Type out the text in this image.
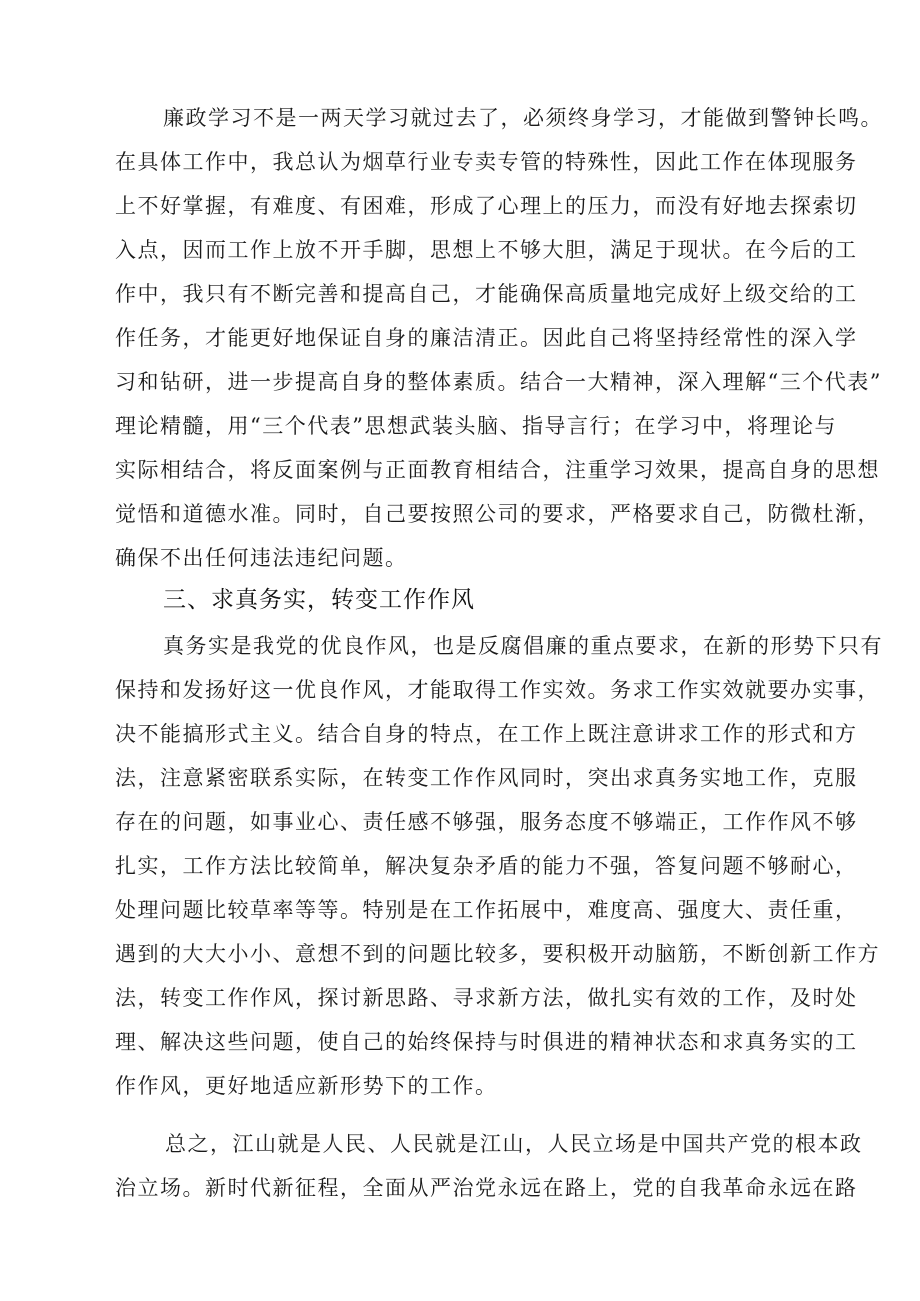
廉政学习不是一两天学习就过去了，必须终身学习，才能做到警钟长鸣。
在具体工作中，我总认为烟草行业专卖专管的特殊性，因此工作在体现服务
上不好掌握，有难度、有困难，形成了心理上的压力，而没有好地去探索切
入点，因而工作上放不开手脚，思想上不够大胆，满足于现状。在今后的工
作中，我只有不断完善和提高自己，才能确保高质量地完成好上级交给的工
作任务，才能更好地保证自身的廉洁清正。因此自己将坚持经常性的深入学
习和钻研，进一步提高自身的整体素质。结合一大精神，深入理解“三个代表”
理论精髓，用“三个代表”思想武装头脑、指导言行；在学习中，将理论与
实际相结合，将反面案例与正面教育相结合，注重学习效果，提高自身的思想
觉悟和道德水准。同时，自己要按照公司的要求，严格要求自己，防微杜渐，
确保不出任何违法违纪问题。
三、求真务实，转变工作作风
真务实是我党的优良作风，也是反腐倡廉的重点要求，在新的形势下只有
保持和发扬好这一优良作风，才能取得工作实效。务求工作实效就要办实事，
决不能搞形式主义。结合自身的特点，在工作上既注意讲求工作的形式和方
法，注意紧密联系实际，在转变工作作风同时，突出求真务实地工作，克服
存在的问题，如事业心、责任感不够强，服务态度不够端正，工作作风不够
扎实，工作方法比较简单，解决复杂矛盾的能力不强，答复问题不够耐心，
处理问题比较草率等等。特别是在工作拓展中，难度高、强度大、责任重，
遇到的大大小小、意想不到的问题比较多，要积极开动脑筋，不断创新工作方
法，转变工作作风，探讨新思路、寻求新方法，做扎实有效的工作，及时处
理、解决这些问题，使自己的始终保持与时俱进的精神状态和求真务实的工
作作风，更好地适应新形势下的工作。
总之，江山就是人民、人民就是江山，人民立场是中国共产党的根本政
治立场。新时代新征程，全面从严治党永远在路上，党的自我革命永远在路
